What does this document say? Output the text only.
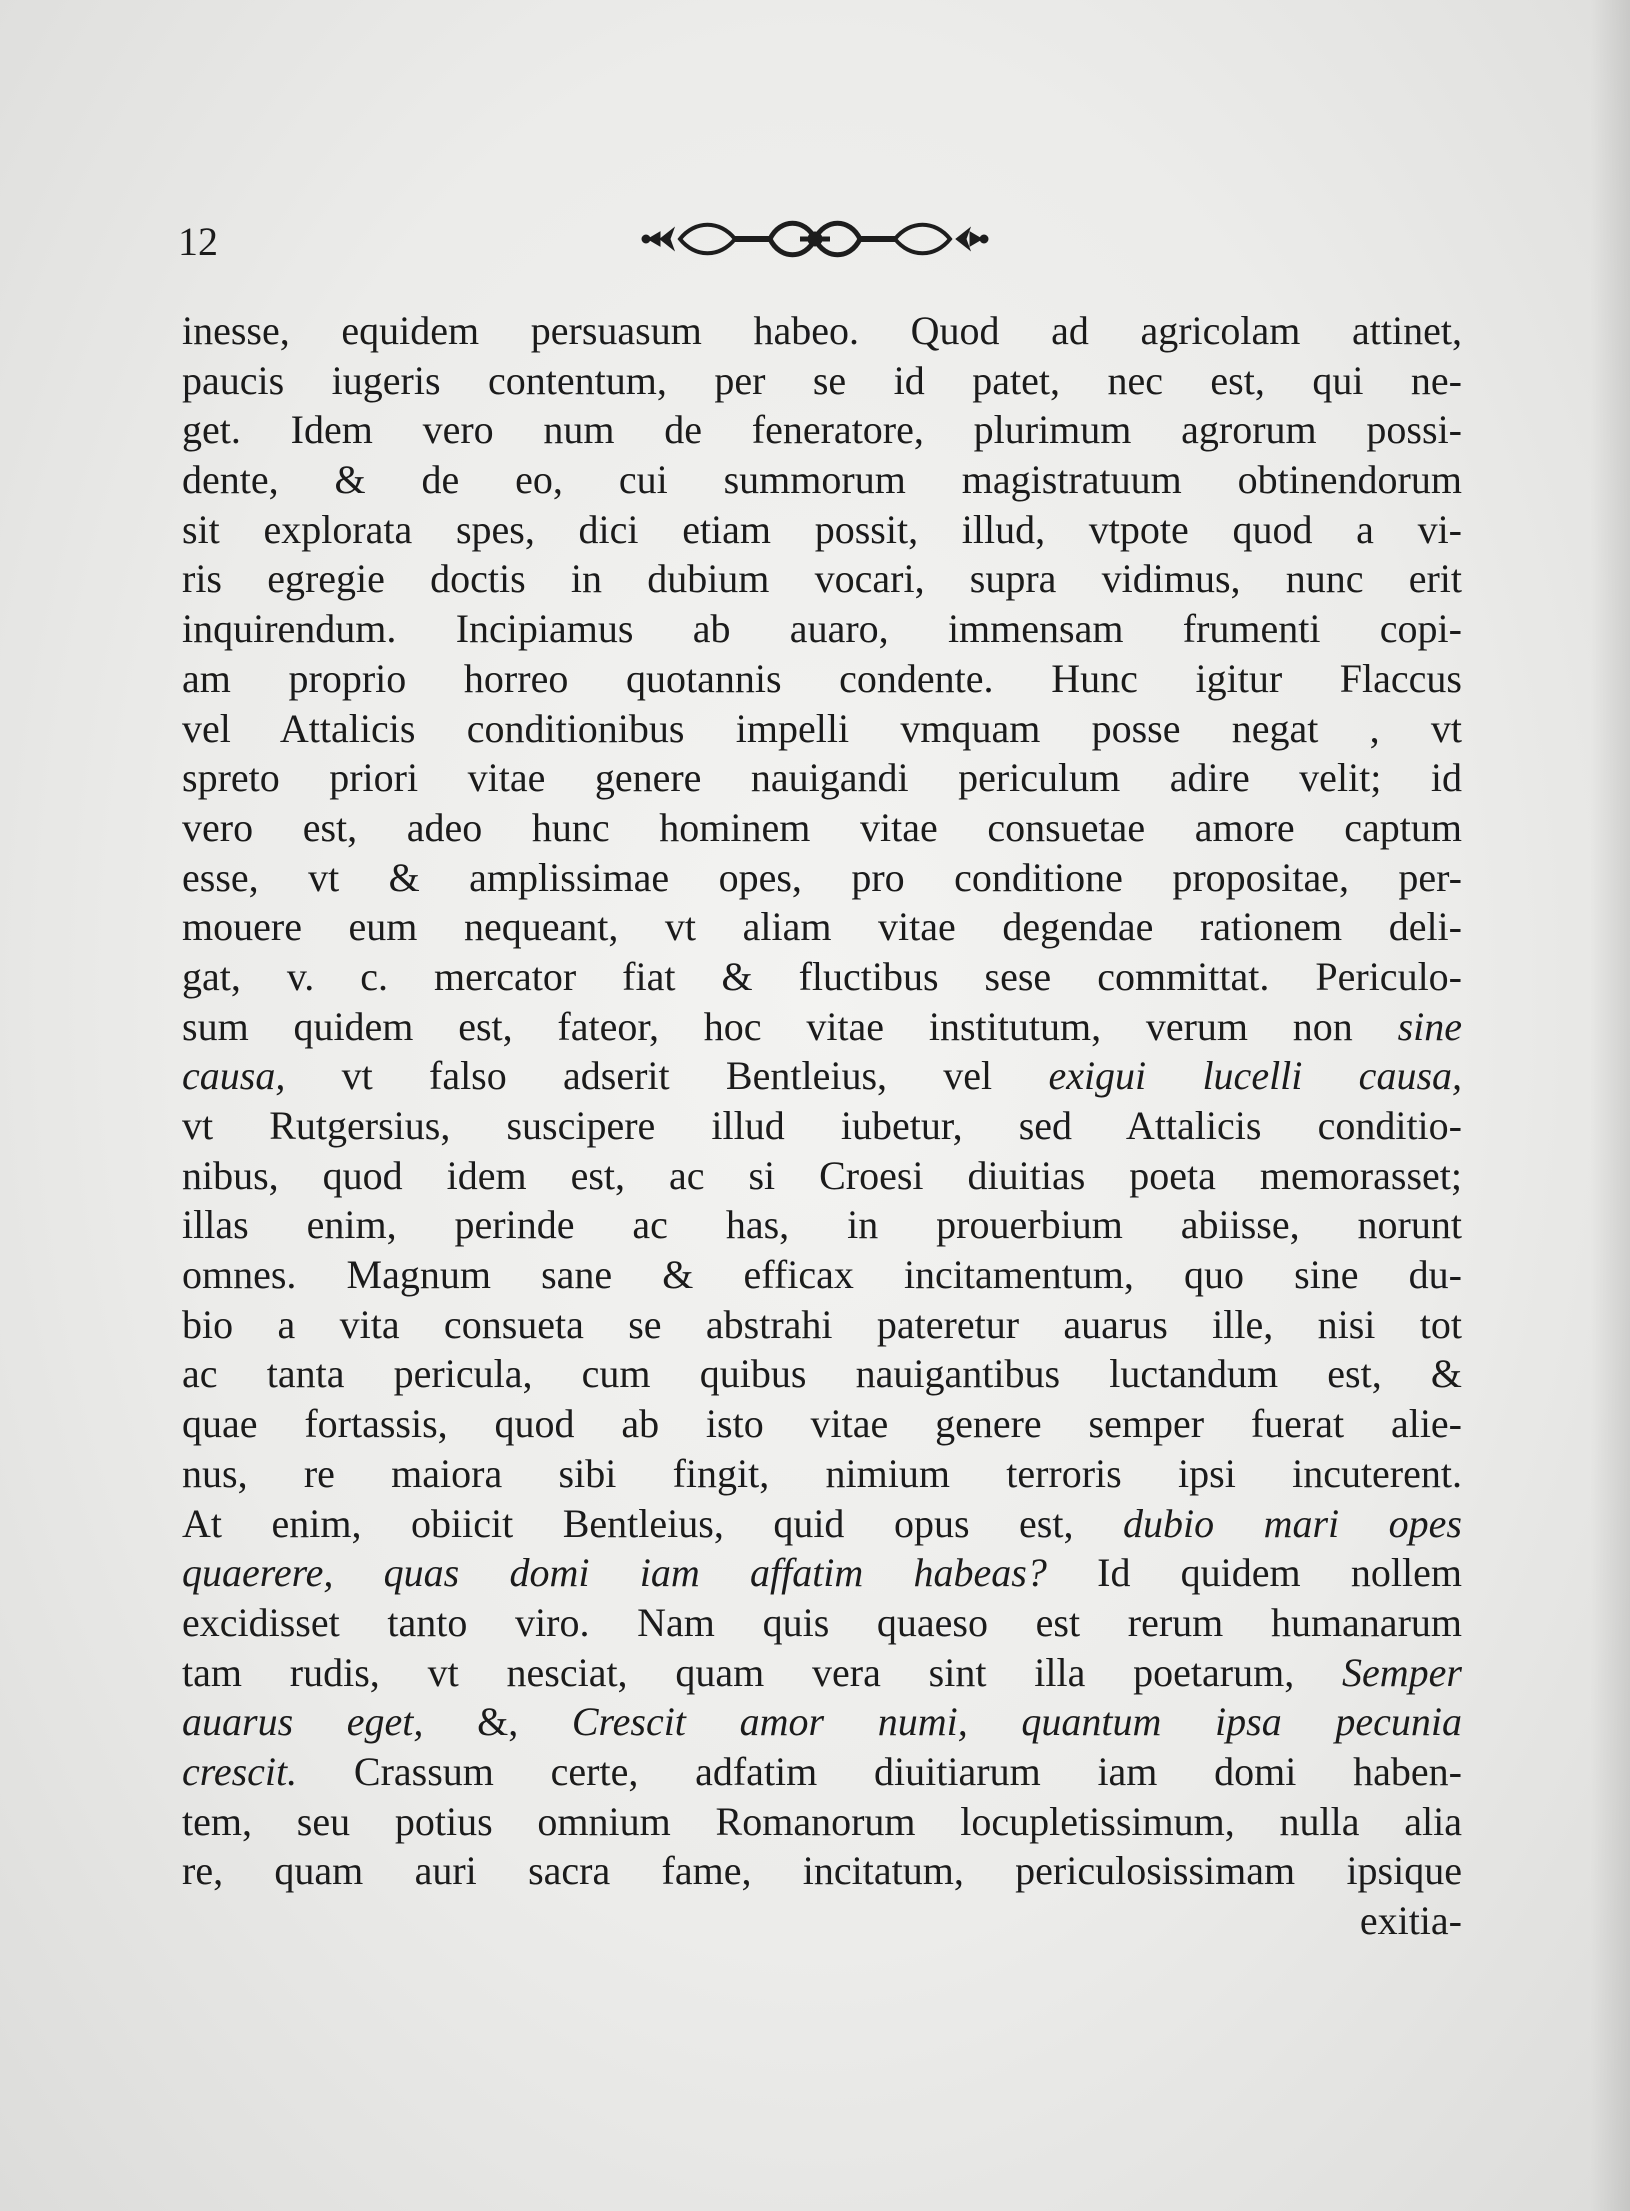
12
inesse, equidem persuasum habeo. Quod ad agricolam attinet,
paucis iugeris contentum, per se id patet, nec est, qui ne-
get. Idem vero num de feneratore, plurimum agrorum possi-
dente, & de eo, cui summorum magistratuum obtinendorum
sit explorata spes, dici etiam possit, illud, vtpote quod a vi-
ris egregie doctis in dubium vocari, supra vidimus, nunc erit
inquirendum. Incipiamus ab auaro, immensam frumenti copi-
am proprio horreo quotannis condente. Hunc igitur Flaccus
vel Attalicis conditionibus impelli vmquam posse negat , vt
spreto priori vitae genere nauigandi periculum adire velit; id
vero est, adeo hunc hominem vitae consuetae amore captum
esse, vt & amplissimae opes, pro conditione propositae, per-
mouere eum nequeant, vt aliam vitae degendae rationem deli-
gat, v. c. mercator fiat & fluctibus sese committat. Periculo-
sum quidem est, fateor, hoc vitae institutum, verum non sine
causa, vt falso adserit Bentleius, vel exigui lucelli causa,
vt Rutgersius, suscipere illud iubetur, sed Attalicis conditio-
nibus, quod idem est, ac si Croesi diuitias poeta memorasset;
illas enim, perinde ac has, in prouerbium abiisse, norunt
omnes. Magnum sane & efficax incitamentum, quo sine du-
bio a vita consueta se abstrahi pateretur auarus ille, nisi tot
ac tanta pericula, cum quibus nauigantibus luctandum est, &
quae fortassis, quod ab isto vitae genere semper fuerat alie-
nus, re maiora sibi fingit, nimium terroris ipsi incuterent.
At enim, obiicit Bentleius, quid opus est, dubio mari opes
quaerere, quas domi iam affatim habeas? Id quidem nollem
excidisset tanto viro. Nam quis quaeso est rerum humanarum
tam rudis, vt nesciat, quam vera sint illa poetarum, Semper
auarus eget, &, Crescit amor numi, quantum ipsa pecunia
crescit. Crassum certe, adfatim diuitiarum iam domi haben-
tem, seu potius omnium Romanorum locupletissimum, nulla alia
re, quam auri sacra fame, incitatum, periculosissimam ipsique
exitia-
